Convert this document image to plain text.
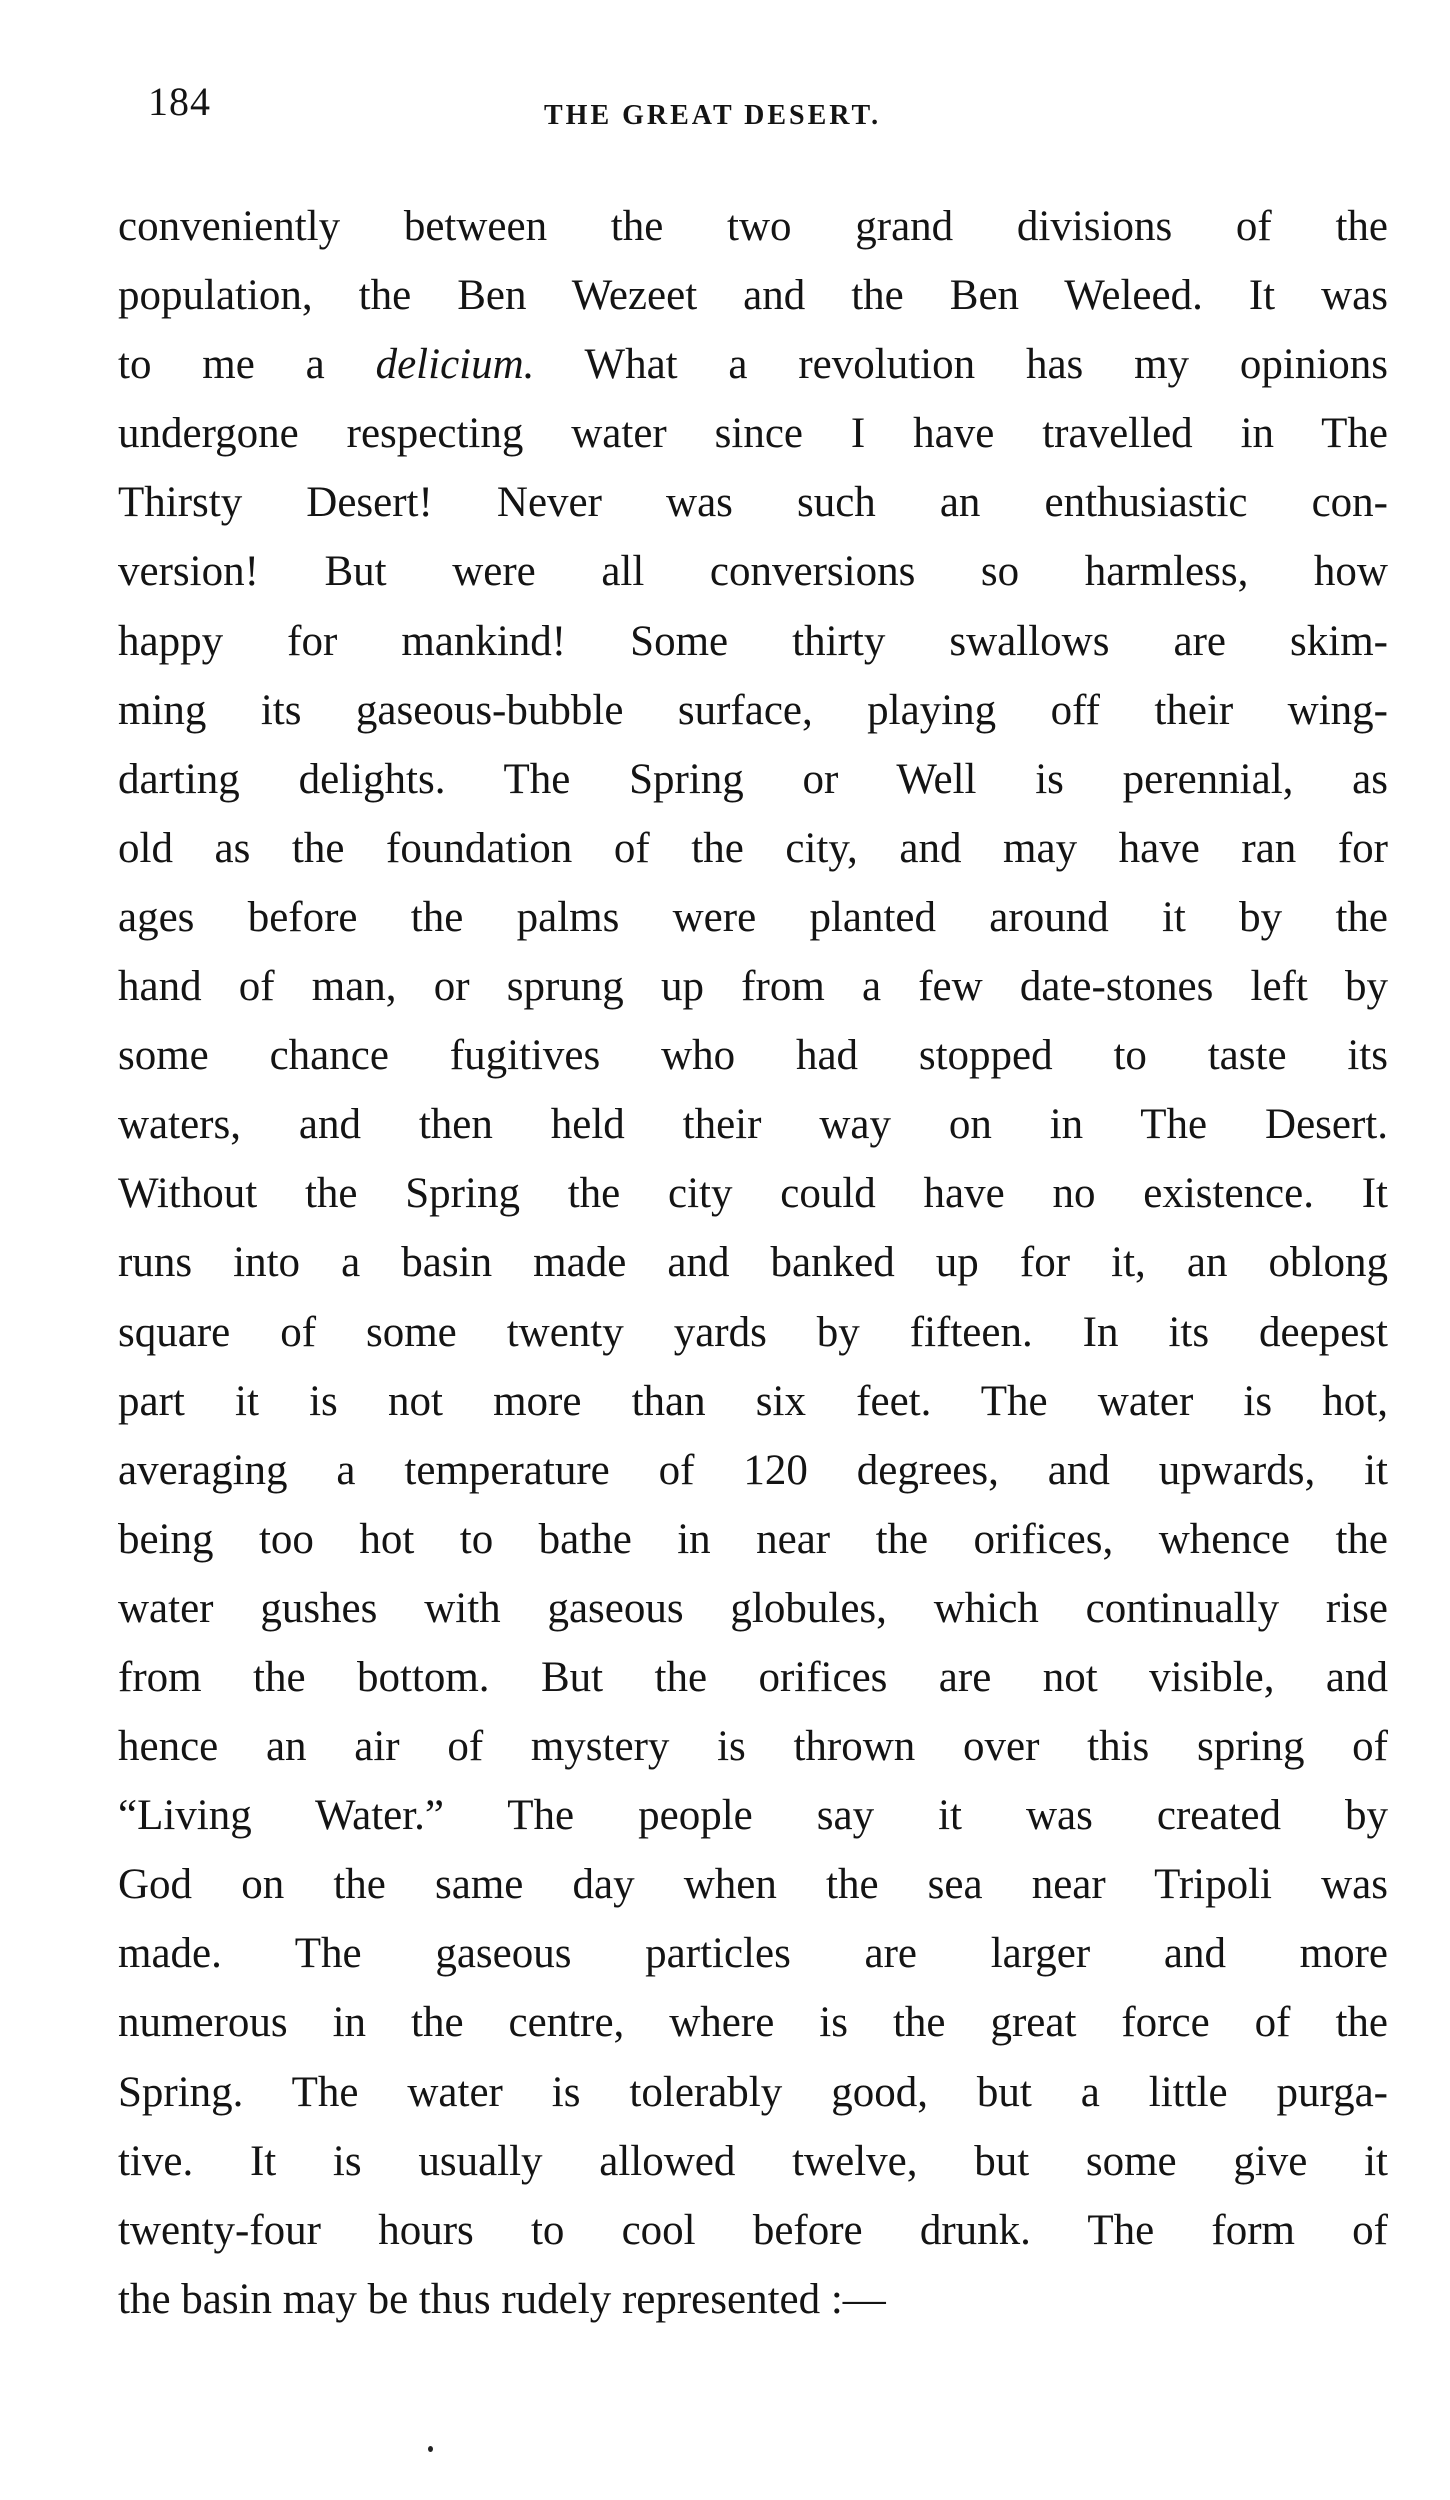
184	THE GREAT DESERT.
conveniently between the two grand divisions of the
population, the Ben Wezeet and the Ben Weleed. It was
to me a delicium. What a revolution has my opinions
undergone respecting water since I have travelled in The
Thirsty Desert! Never was such an enthusiastic con-
version! But were all conversions so harmless, how
happy for mankind! Some thirty swallows are skim-
ming its gaseous-bubble surface, playing off their wing-
darting delights. The Spring or Well is perennial, as
old as the foundation of the city, and may have ran for
ages before the palms were planted around it by the
hand of man, or sprung up from a few date-stones left by
some chance fugitives who had stopped to taste its
waters, and then held their way on in The Desert.
Without the Spring the city could have no existence. It
runs into a basin made and banked up for it, an oblong
square of some twenty yards by fifteen. In its deepest
part it is not more than six feet. The water is hot,
averaging a temperature of 120 degrees, and upwards, it
being too hot to bathe in near the orifices, whence the
water gushes with gaseous globules, which continually rise
from the bottom. But the orifices are not visible, and
hence an air of mystery is thrown over this spring of
“Living Water.” The people say it was created by
God on the same day when the sea near Tripoli was
made. The gaseous particles are larger and more
numerous in the centre, where is the great force of the
Spring. The water is tolerably good, but a little purga-
tive. It is usually allowed twelve, but some give it
twenty-four hours to cool before drunk. The form of
the basin may be thus rudely represented :—
